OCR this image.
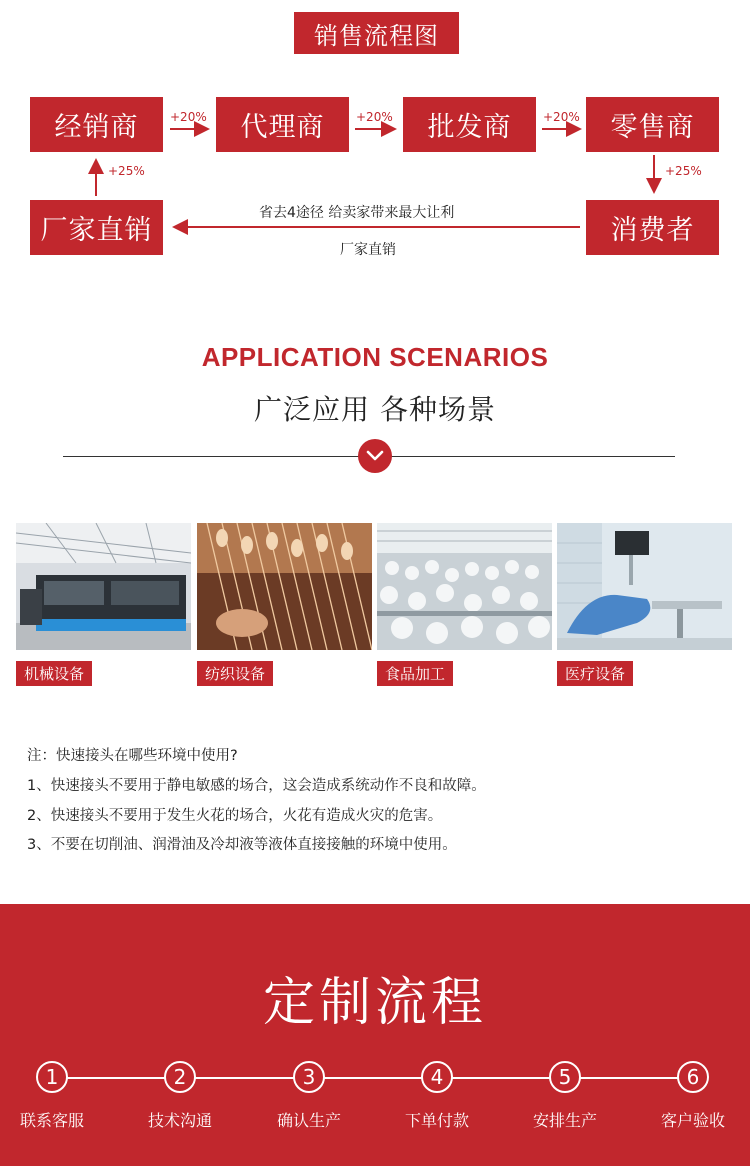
销售流程图
经销商	代理商	批发商	零售商
厂家直销	消费者
+20%	+20%	+20%
+25%	+25%
省去4途径 给卖家带来最大让利
厂家直销
APPLICATION SCENARIOS
广泛应用 各种场景
机械设备	纺织设备	食品加工	医疗设备
注：快速接头在哪些环境中使用?
1、快速接头不要用于静电敏感的场合，这会造成系统动作不良和故障。
2、快速接头不要用于发生火花的场合，火花有造成火灾的危害。
3、不要在切削油、润滑油及冷却液等液体直接接触的环境中使用。
定制流程
1	2	3	4	5	6
联系客服	技术沟通	确认生产	下单付款	安排生产	客户验收
